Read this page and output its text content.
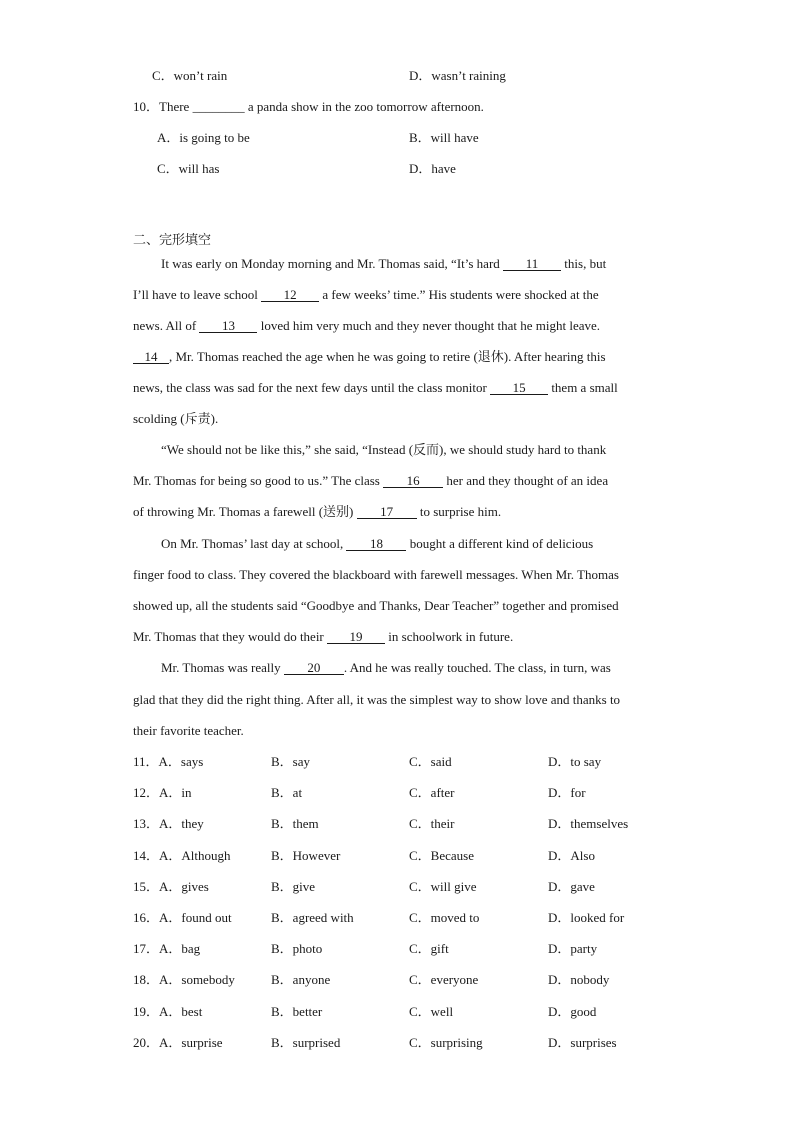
C．won’t rain	D．wasn’t raining
10．There ________ a panda show in the zoo tomorrow afternoon.
A．is going to be	B．will have
C．will has	D．have
二、完形填空
It was early on Monday morning and Mr. Thomas said, “It’s hard 11 this, but
I’ll have to leave school 12 a few weeks’ time.” His students were shocked at the
news. All of 13 loved him very much and they never thought that he might leave.
14 , Mr. Thomas reached the age when he was going to retire (退休). After hearing this
news, the class was sad for the next few days until the class monitor 15 them a small
scolding (斥责).
“We should not be like this,” she said, “Instead (反而), we should study hard to thank
Mr. Thomas for being so good to us.” The class 16 her and they thought of an idea
of throwing Mr. Thomas a farewell (送别) 17 to surprise him.
On Mr. Thomas’ last day at school, 18 bought a different kind of delicious
finger food to class. They covered the blackboard with farewell messages. When Mr. Thomas
showed up, all the students said “Goodbye and Thanks, Dear Teacher” together and promised
Mr. Thomas that they would do their 19 in schoolwork in future.
Mr. Thomas was really 20 . And he was really touched. The class, in turn, was
glad that they did the right thing. After all, it was the simplest way to show love and thanks to
their favorite teacher.
11．A．says	B．say	C．said	D．to say
12．A．in	B．at	C．after	D．for
13．A．they	B．them	C．their	D．themselves
14．A．Although	B．However	C．Because	D．Also
15．A．gives	B．give	C．will give	D．gave
16．A．found out	B．agreed with	C．moved to	D．looked for
17．A．bag	B．photo	C．gift	D．party
18．A．somebody	B．anyone	C．everyone	D．nobody
19．A．best	B．better	C．well	D．good
20．A．surprise	B．surprised	C．surprising	D．surprises
